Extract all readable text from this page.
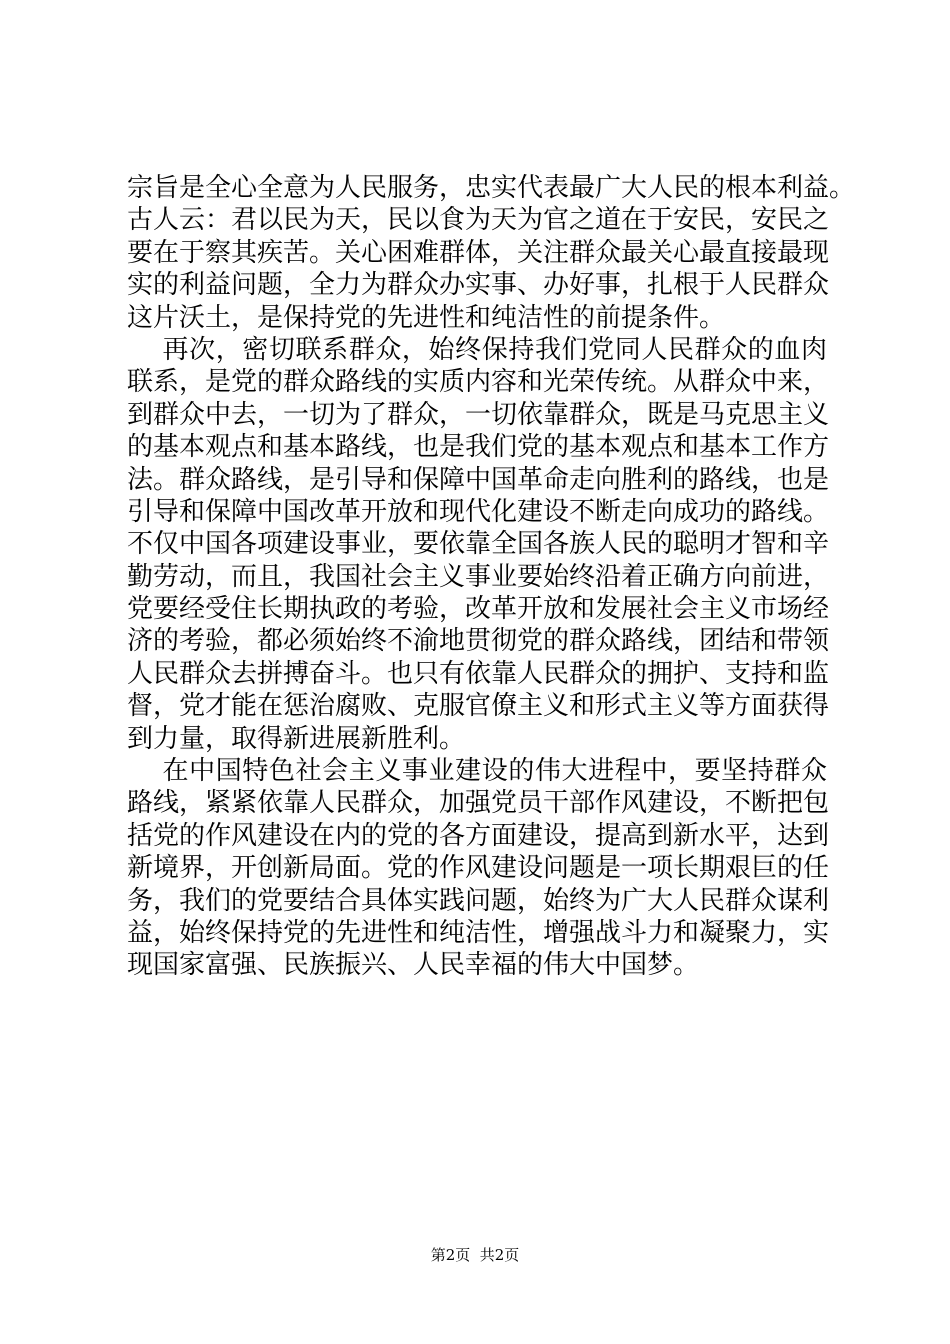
宗旨是全心全意为人民服务，忠实代表最广大人民的根本利益。
古人云：君以民为天，民以食为天为官之道在于安民，安民之
要在于察其疾苦。关心困难群体，关注群众最关心最直接最现
实的利益问题，全力为群众办实事、办好事，扎根于人民群众
这片沃土，是保持党的先进性和纯洁性的前提条件。
再次，密切联系群众，始终保持我们党同人民群众的血肉
联系，是党的群众路线的实质内容和光荣传统。从群众中来，
到群众中去，一切为了群众，一切依靠群众，既是马克思主义
的基本观点和基本路线，也是我们党的基本观点和基本工作方
法。群众路线，是引导和保障中国革命走向胜利的路线，也是
引导和保障中国改革开放和现代化建设不断走向成功的路线。
不仅中国各项建设事业，要依靠全国各族人民的聪明才智和辛
勤劳动，而且，我国社会主义事业要始终沿着正确方向前进，
党要经受住长期执政的考验，改革开放和发展社会主义市场经
济的考验，都必须始终不渝地贯彻党的群众路线，团结和带领
人民群众去拼搏奋斗。也只有依靠人民群众的拥护、支持和监
督，党才能在惩治腐败、克服官僚主义和形式主义等方面获得
到力量，取得新进展新胜利。
在中国特色社会主义事业建设的伟大进程中，要坚持群众
路线，紧紧依靠人民群众，加强党员干部作风建设，不断把包
括党的作风建设在内的党的各方面建设，提高到新水平，达到
新境界，开创新局面。党的作风建设问题是一项长期艰巨的任
务，我们的党要结合具体实践问题，始终为广大人民群众谋利
益，始终保持党的先进性和纯洁性，增强战斗力和凝聚力，实
现国家富强、民族振兴、人民幸福的伟大中国梦。
第2页  共2页
